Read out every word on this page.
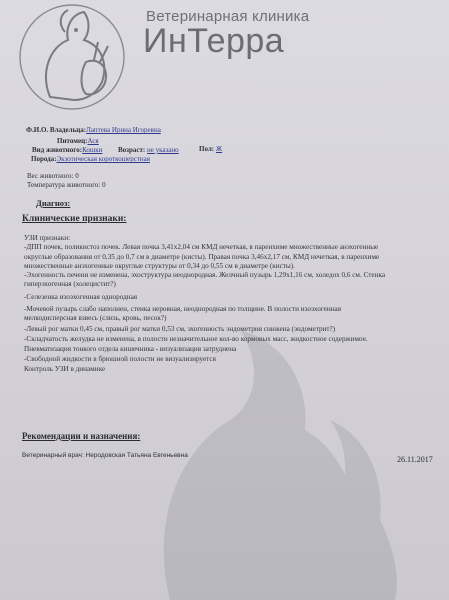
Ветеринарная клиника
ИнТерра
Ф.И.О. Владельца:Лаптева Ирина Игоревна
Питомец:Ася
Вид животного:Кошки Возраст: не указано	Пол: Ж
Порода:Экзотическая короткошерстная
Вес животного: 0
Температура животного: 0
Диагноз:
Клинические признаки:
УЗИ признаки:
-ДПП почек, поликистоз почек. Левая почка 3,41х2,04 см КМД нечеткая, в паренхиме множественные анэхогенные
округлые образования от 0,35 до 0,7 см в диаметре (кисты). Правая почка 3,46х2,17 см, КМД нечеткая, в паренхиме
множественные анэхогенные округлые структуры от 0,34 до 0,55 см в диаметре (кисты).
-Эхогенность печени не изменена, эхоструктура неоднородная. Желчный пузырь 1,29х1,16 см, холедох 0,6 см. Стенка
гиперэхогенная (холецистит?)
-Селезенка изоэхогенная однородная
-Мочевой пузырь слабо наполнен, стенка неровная, неоднородная по толщине. В полости изоэхогенная
мелкодисперсная взвесь (слизь, кровь, песок?)
-Левый рог матки 0,45 см, правый рог матки 0,53 см, эхогенность эндометрия снижена (эндометрит?)
-Складчатость желудка не изменена, в полости незначительное кол-во кормовых масс, жидкостное содержимое.
Пневматизация тонкого отдела кишечника - визуализация затруднена
-Свободной жидкости в брюшной полости не визуализируется
Контроль УЗИ в динамике
Рекомендации и назначения:
Ветеринарный врач: Неродовская Татьяна Евгеньевна	26.11.2017
